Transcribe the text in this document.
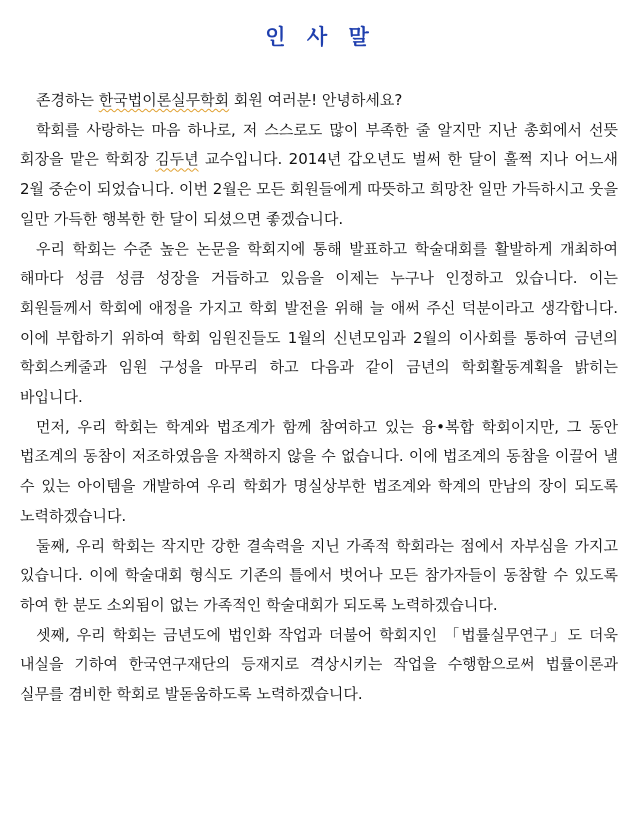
인 사 말

존경하는 한국법이론실무학회 회원 여러분! 안녕하세요?

학회를 사랑하는 마음 하나로, 저 스스로도 많이 부족한 줄 알지만 지난 총회에서 선뜻 회장을 맡은 학회장 김두년 교수입니다. 2014년 갑오년도 벌써 한 달이 훌쩍 지나 어느새 2월 중순이 되었습니다. 이번 2월은 모든 회원들에게 따뜻하고 희망찬 일만 가득하시고 웃을 일만 가득한 행복한 한 달이 되셨으면 좋겠습니다.

우리 학회는 수준 높은 논문을 학회지에 통해 발표하고 학술대회를 활발하게 개최하여 해마다 성큼 성큼 성장을 거듭하고 있음을 이제는 누구나 인정하고 있습니다. 이는 회원들께서 학회에 애정을 가지고 학회 발전을 위해 늘 애써 주신 덕분이라고 생각합니다. 이에 부합하기 위하여 학회 임원진들도 1월의 신년모임과 2월의 이사회를 통하여 금년의 학회스케줄과 임원 구성을 마무리 하고 다음과 같이 금년의 학회활동계획을 밝히는 바입니다.

먼저, 우리 학회는 학계와 법조계가 함께 참여하고 있는 융•복합 학회이지만, 그 동안 법조계의 동참이 저조하였음을 자책하지 않을 수 없습니다. 이에 법조계의 동참을 이끌어 낼 수 있는 아이템을 개발하여 우리 학회가 명실상부한 법조계와 학계의 만남의 장이 되도록 노력하겠습니다.

둘째, 우리 학회는 작지만 강한 결속력을 지닌 가족적 학회라는 점에서 자부심을 가지고 있습니다. 이에 학술대회 형식도 기존의 틀에서 벗어나 모든 참가자들이 동참할 수 있도록 하여 한 분도 소외됨이 없는 가족적인 학술대회가 되도록 노력하겠습니다.

셋째, 우리 학회는 금년도에 법인화 작업과 더불어 학회지인 「법률실무연구」도 더욱 내실을 기하여 한국연구재단의 등재지로 격상시키는 작업을 수행함으로써 법률이론과 실무를 겸비한 학회로 발돋움하도록 노력하겠습니다.
